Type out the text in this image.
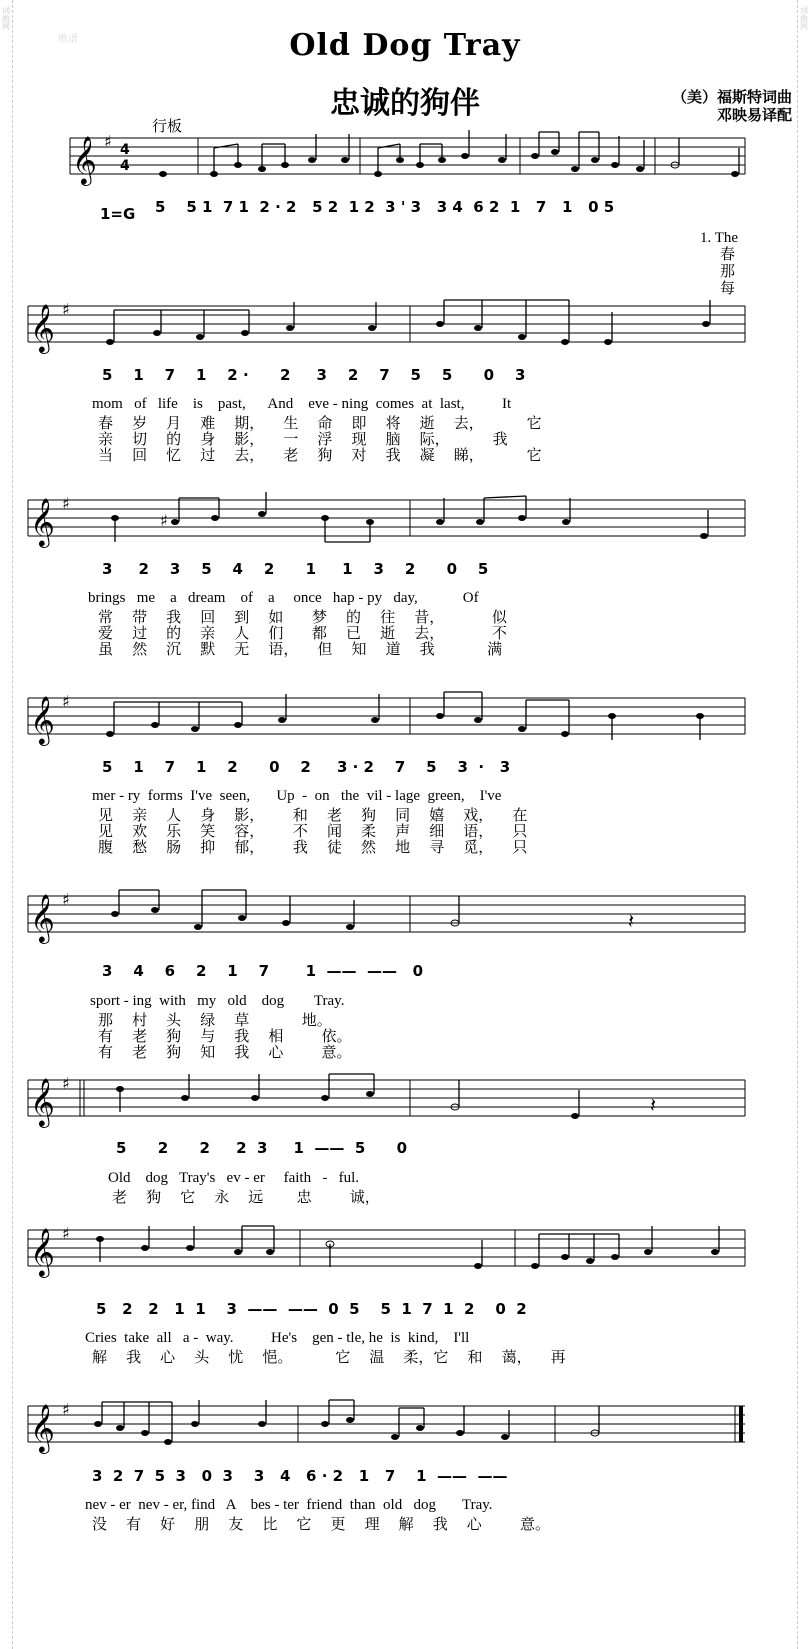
词曲网	词曲网
歌谱	Old Dog Tray
忠诚的狗伴	（美）福斯特词曲
邓映易译配
行板
1=G
𝄞 ♯ 4
4
5    5 1  7 1  2 · 2   5 2  1 2  3 ' 3   3 4  6 2  1   7   1   0 5
1. The
春
那
每
𝄞 ♯
5    1    7    1    2 ·      2     3    2    7    5    5      0    3
mom   of   life    is    past,      And    eve - ning  comes  at  last,          It
春    岁    月    难    期，    生    命    即    将    逝    去，         它
亲    切    的    身    影，    一    浮    现    脑    际，         我
当    回    忆    过    去，    老    狗    对    我    凝    睇，         它
𝄞 ♯
♯
3     2    3    5    4    2      1     1    3    2      0    5
brings   me    a   dream    of    a     once   hap - py   day,            Of
常    带    我    回    到    如      梦    的    往    昔，          似
爱    过    的    亲    人    们      都    已    逝    去，          不
虽    然    沉    默    无    语，    但    知    道    我           满
𝄞 ♯
5    1    7    1    2      0    2     3 · 2    7    5    3  ·   3
mer - ry  forms  I've  seen,       Up  -  on   the  vil - lage  green,    I've
见    亲    人    身    影，      和    老    狗    同    嬉    戏，    在
见    欢    乐    笑    容，      不    闻    柔    声    细    语，    只
腹    愁    肠    抑    郁，      我    徒    然    地    寻    觅，    只
𝄞 ♯
𝄽
3    4    6    2    1    7       1  ——  ——   0
sport - ing  with   my   old    dog        Tray.
那    村    头    绿    草           地。
有    老    狗    与    我    相        依。
有    老    狗    知    我    心        意。
𝄞 ♯
𝄽
5      2      2     2  3     1  ——  5      0
Old    dog   Tray's   ev - er     faith   -   ful.
老    狗    它    永    远       忠        诚，
𝄞 ♯
5   2   2   1  1    3  ——  ——  0  5    5  1  7  1  2    0  2
Cries  take  all   a -  way.          He's    gen - tle, he  is  kind,    I'll
解    我    心    头    忧    悒。         它    温    柔，它    和    蔼，    再
𝄞 ♯
3  2  7  5  3   0  3    3   4   6 · 2   1   7    1  ——  ——
nev - er  nev - er, find   A    bes - ter  friend  than  old   dog       Tray.
没    有    好    朋    友    比    它    更    理    解    我    心        意。
